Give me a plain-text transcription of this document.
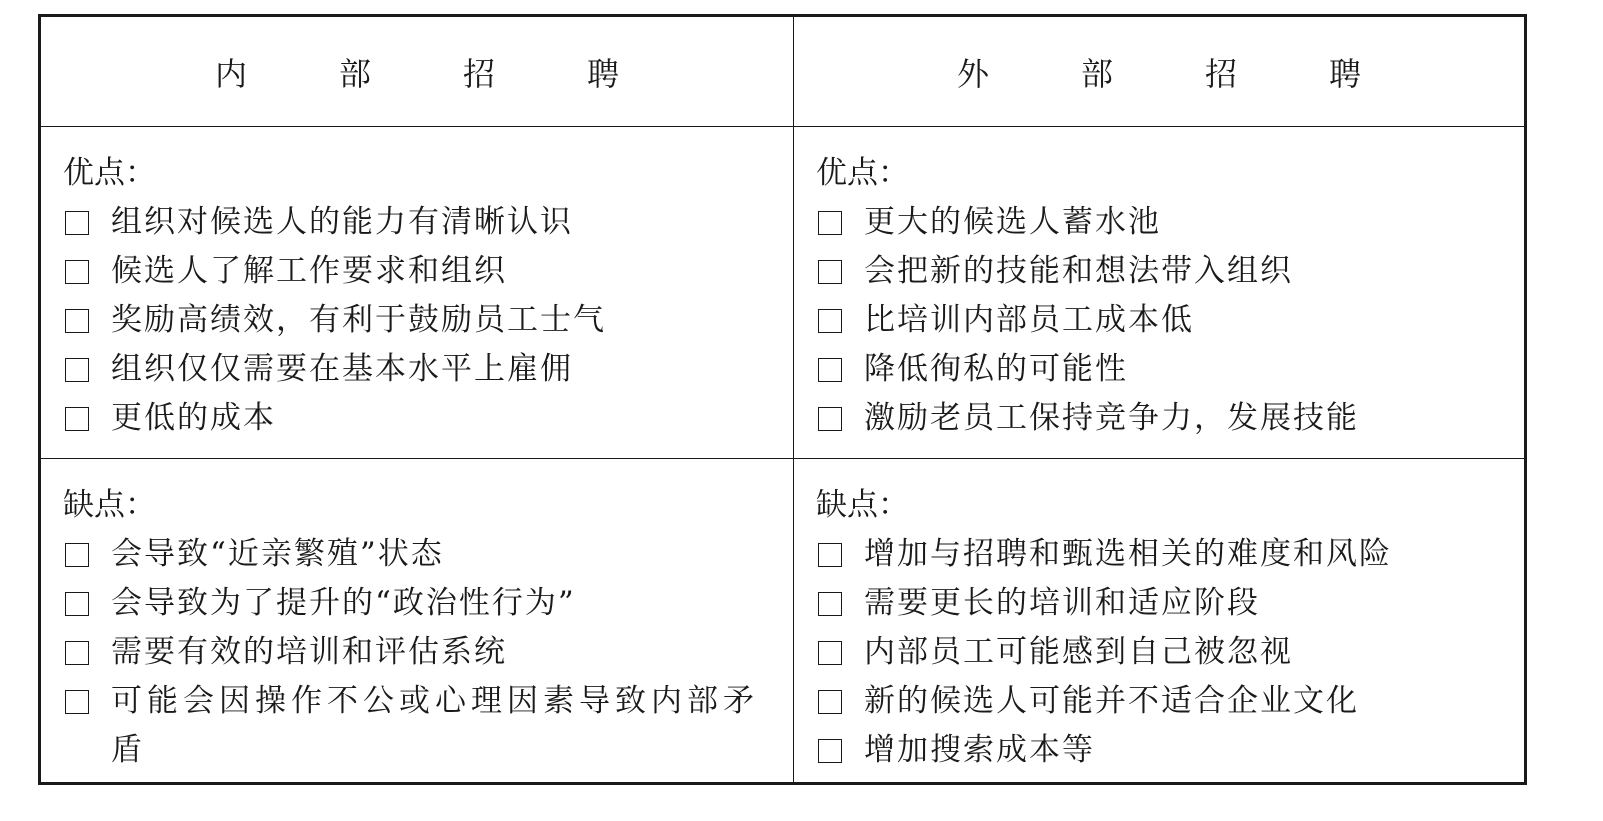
内　部　招　聘	外　部　招　聘
优点：
组织对候选人的能力有清晰认识
候选人了解工作要求和组织
奖励高绩效，有利于鼓励员工士气
组织仅仅需要在基本水平上雇佣
更低的成本
优点：
更大的候选人蓄水池
会把新的技能和想法带入组织
比培训内部员工成本低
降低徇私的可能性
激励老员工保持竞争力，发展技能
缺点：
会导致“近亲繁殖”状态
会导致为了提升的“政治性行为”
需要有效的培训和评估系统
可能会因操作不公或心理因素导致内部矛盾
缺点：
增加与招聘和甄选相关的难度和风险
需要更长的培训和适应阶段
内部员工可能感到自己被忽视
新的候选人可能并不适合企业文化
增加搜索成本等
